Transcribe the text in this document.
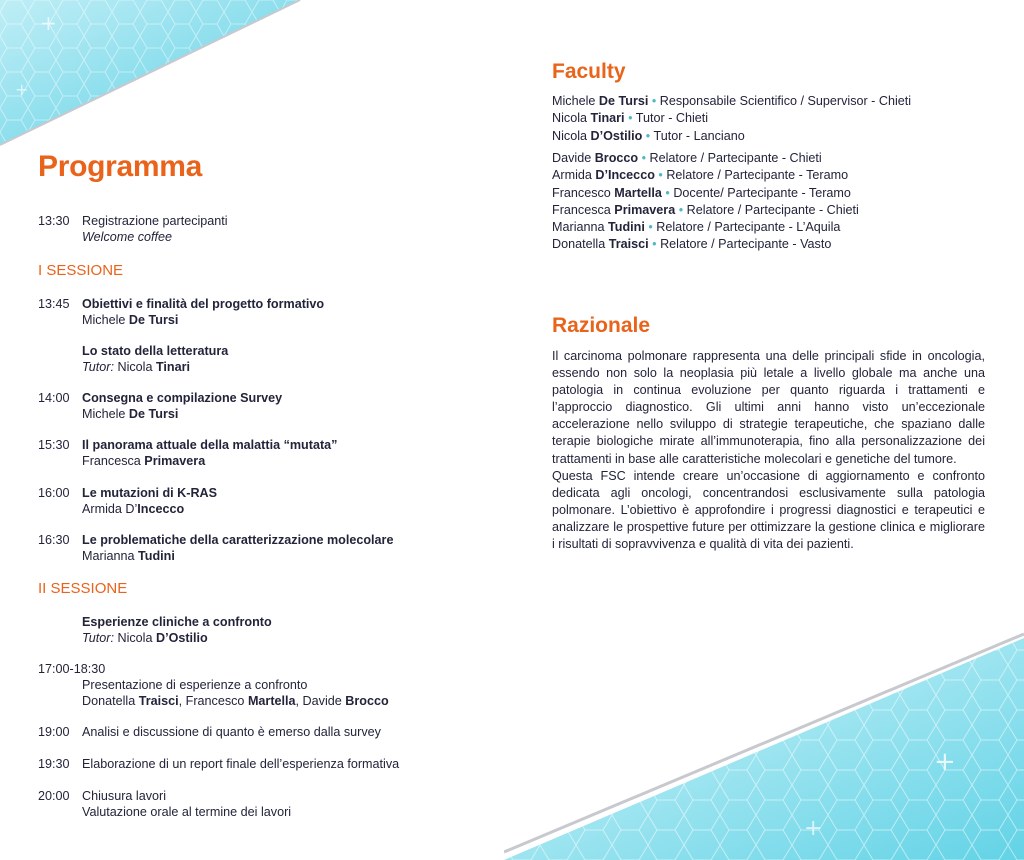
+
+
+
+
Programma
13:30 Registrazione partecipanti
Welcome coffee
I SESSIONE
13:45 Obiettivi e finalità del progetto formativo
Michele De Tursi
Lo stato della letteratura
Tutor: Nicola Tinari
14:00 Consegna e compilazione Survey
Michele De Tursi
15:30 Il panorama attuale della malattia “mutata”
Francesca Primavera
16:00 Le mutazioni di K-RAS
Armida D’Incecco
16:30 Le problematiche della caratterizzazione molecolare
Marianna Tudini
II SESSIONE
Esperienze cliniche a confronto
Tutor: Nicola D’Ostilio
17:00-18:30
Presentazione di esperienze a confronto
Donatella Traisci, Francesco Martella, Davide Brocco
19:00 Analisi e discussione di quanto è emerso dalla survey
19:30 Elaborazione di un report finale dell’esperienza formativa
20:00 Chiusura lavori
Valutazione orale al termine dei lavori
Faculty
Michele De Tursi • Responsabile Scientifico / Supervisor - Chieti
Nicola Tinari • Tutor - Chieti
Nicola D’Ostilio • Tutor - Lanciano
Davide Brocco • Relatore / Partecipante - Chieti
Armida D’Incecco • Relatore / Partecipante - Teramo
Francesco Martella • Docente/ Partecipante - Teramo
Francesca Primavera • Relatore / Partecipante - Chieti
Marianna Tudini • Relatore / Partecipante - L’Aquila
Donatella Traisci • Relatore / Partecipante - Vasto
Razionale

Il carcinoma polmonare rappresenta una delle principali sfide in oncologia, essendo non solo la neoplasia più letale a livello globale ma anche una patologia in continua evoluzione per quanto riguarda i trattamenti e l’approccio diagnostico. Gli ultimi anni hanno visto un’eccezionale accelerazione nello sviluppo di strategie terapeutiche, che spaziano dalle terapie biologiche mirate all’immunoterapia, fino alla personalizzazione dei trattamenti in base alle caratteristiche molecolari e genetiche del tumore.

Questa FSC intende creare un’occasione di aggiornamento e confronto dedicata agli oncologi, concentrandosi esclusivamente sulla patologia polmonare. L’obiettivo è approfondire i progressi diagnostici e terapeutici e analizzare le prospettive future per ottimizzare la gestione clinica e migliorare i risultati di sopravvivenza e qualità di vita dei pazienti.
